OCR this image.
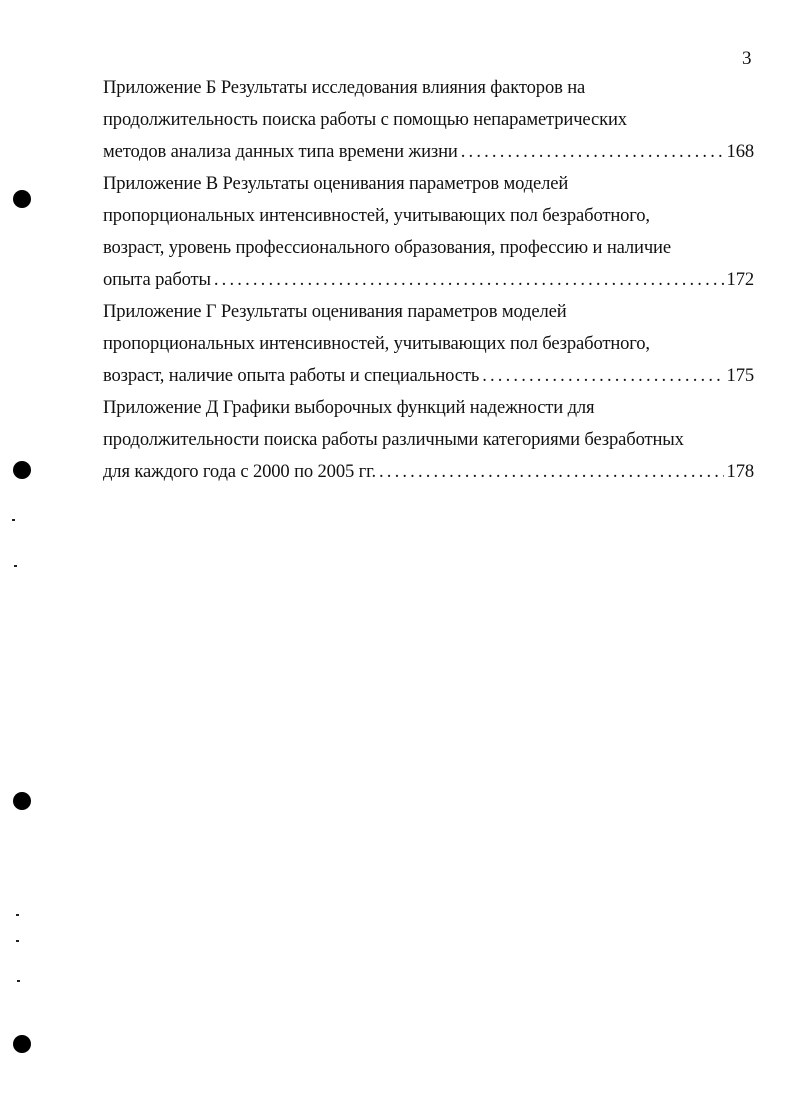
3
Приложение Б Результаты исследования влияния факторов на
продолжительность поиска работы с помощью непараметрических
методов анализа данных типа времени жизни . . .	168
Приложение В Результаты оценивания параметров моделей
пропорциональных интенсивностей, учитывающих пол безработного,
возраст, уровень профессионального образования, профессию и наличие
опыта работы . . .	172
Приложение Г Результаты оценивания параметров моделей
пропорциональных интенсивностей, учитывающих пол безработного,
возраст, наличие опыта работы и специальность . . .	175
Приложение Д Графики выборочных функций надежности для
продолжительности поиска работы различными категориями безработных
для каждого года с 2000 по 2005 гг. . . .	178
